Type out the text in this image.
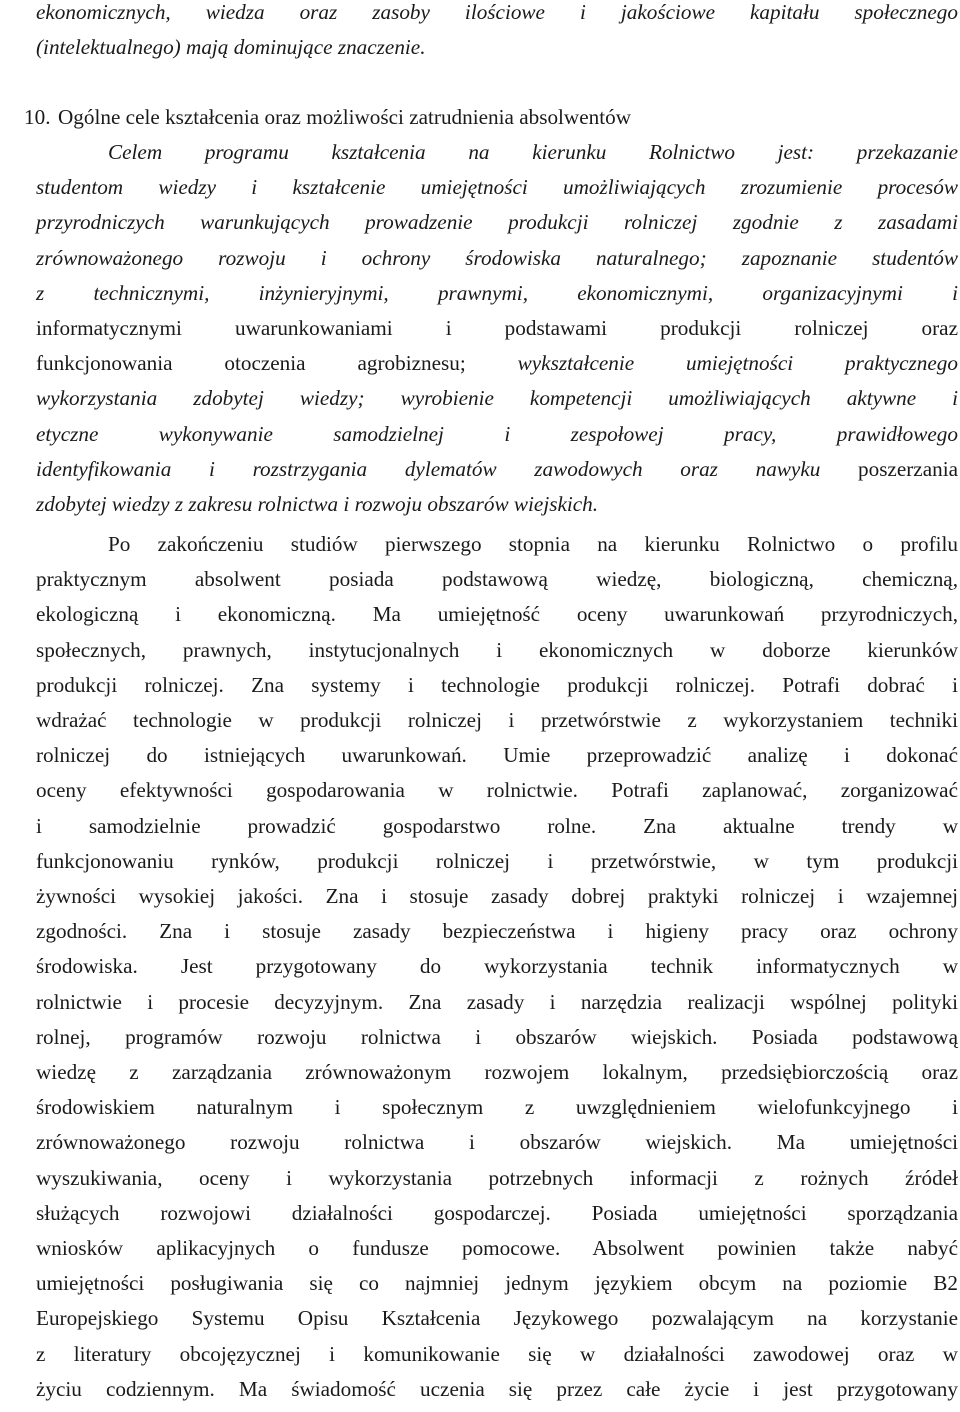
ekonomicznych, wiedza oraz zasoby ilościowe i jakościowe kapitału społecznego
(intelektualnego) mają dominujące znaczenie.
10. Ogólne cele kształcenia oraz możliwości zatrudnienia absolwentów
Celem programu kształcenia na kierunku Rolnictwo jest: przekazanie
studentom wiedzy i kształcenie umiejętności umożliwiających zrozumienie procesów
przyrodniczych warunkujących prowadzenie produkcji rolniczej zgodnie z zasadami
zrównoważonego rozwoju i ochrony środowiska naturalnego; zapoznanie studentów
z technicznymi, inżynieryjnymi, prawnymi, ekonomicznymi, organizacyjnymi i
informatycznymi uwarunkowaniami i podstawami produkcji rolniczej oraz
funkcjonowania otoczenia agrobiznesu; wykształcenie umiejętności praktycznego
wykorzystania zdobytej wiedzy; wyrobienie kompetencji umożliwiających aktywne i
etyczne wykonywanie samodzielnej i zespołowej pracy, prawidłowego
identyfikowania i rozstrzygania dylematów zawodowych oraz nawyku poszerzania
zdobytej wiedzy z zakresu rolnictwa i rozwoju obszarów wiejskich.
Po zakończeniu studiów pierwszego stopnia na kierunku Rolnictwo o profilu
praktycznym absolwent posiada podstawową wiedzę, biologiczną, chemiczną,
ekologiczną i ekonomiczną. Ma umiejętność oceny uwarunkowań przyrodniczych,
społecznych, prawnych, instytucjonalnych i ekonomicznych w doborze kierunków
produkcji rolniczej. Zna systemy i technologie produkcji rolniczej. Potrafi dobrać i
wdrażać technologie w produkcji rolniczej i przetwórstwie z wykorzystaniem techniki
rolniczej do istniejących uwarunkowań. Umie przeprowadzić analizę i dokonać
oceny efektywności gospodarowania w rolnictwie. Potrafi zaplanować, zorganizować
i samodzielnie prowadzić gospodarstwo rolne. Zna aktualne trendy w
funkcjonowaniu rynków, produkcji rolniczej i przetwórstwie, w tym produkcji
żywności wysokiej jakości. Zna i stosuje zasady dobrej praktyki rolniczej i wzajemnej
zgodności. Zna i stosuje zasady bezpieczeństwa i higieny pracy oraz ochrony
środowiska. Jest przygotowany do wykorzystania technik informatycznych w
rolnictwie i procesie decyzyjnym. Zna zasady i narzędzia realizacji wspólnej polityki
rolnej, programów rozwoju rolnictwa i obszarów wiejskich. Posiada podstawową
wiedzę z zarządzania zrównoważonym rozwojem lokalnym, przedsiębiorczością oraz
środowiskiem naturalnym i społecznym z uwzględnieniem wielofunkcyjnego i
zrównoważonego rozwoju rolnictwa i obszarów wiejskich. Ma umiejętności
wyszukiwania, oceny i wykorzystania potrzebnych informacji z rożnych źródeł
służących rozwojowi działalności gospodarczej. Posiada umiejętności sporządzania
wniosków aplikacyjnych o fundusze pomocowe. Absolwent powinien także nabyć
umiejętności posługiwania się co najmniej jednym językiem obcym na poziomie B2
Europejskiego Systemu Opisu Kształcenia Językowego pozwalającym na korzystanie
z literatury obcojęzycznej i komunikowanie się w działalności zawodowej oraz w
życiu codziennym. Ma świadomość uczenia się przez całe życie i jest przygotowany
